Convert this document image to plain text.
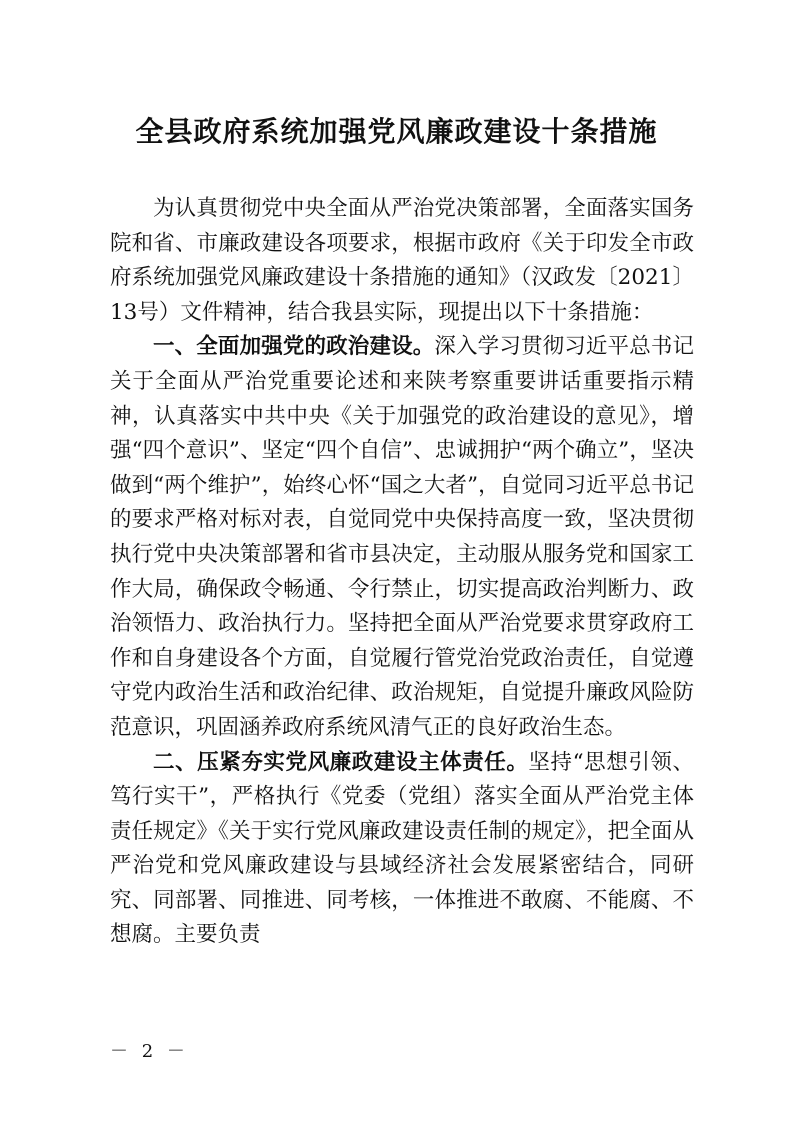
全县政府系统加强党风廉政建设十条措施

为认真贯彻党中央全面从严治党决策部署，全面落实国务院和省、市廉政建设各项要求，根据市政府《关于印发全市政府系统加强党风廉政建设十条措施的通知》（汉政发〔2021〕13号）文件精神，结合我县实际，现提出以下十条措施：

一、全面加强党的政治建设。深入学习贯彻习近平总书记关于全面从严治党重要论述和来陕考察重要讲话重要指示精神，认真落实中共中央《关于加强党的政治建设的意见》，增强“四个意识”、坚定“四个自信”、忠诚拥护“两个确立”，坚决做到“两个维护”，始终心怀“国之大者”，自觉同习近平总书记的要求严格对标对表，自觉同党中央保持高度一致，坚决贯彻执行党中央决策部署和省市县决定，主动服从服务党和国家工作大局，确保政令畅通、令行禁止，切实提高政治判断力、政治领悟力、政治执行力。坚持把全面从严治党要求贯穿政府工作和自身建设各个方面，自觉履行管党治党政治责任，自觉遵守党内政治生活和政治纪律、政治规矩，自觉提升廉政风险防范意识，巩固涵养政府系统风清气正的良好政治生态。

二、压紧夯实党风廉政建设主体责任。坚持“思想引领、笃行实干”，严格执行《党委（党组）落实全面从严治党主体责任规定》《关于实行党风廉政建设责任制的规定》，把全面从严治党和党风廉政建设与县域经济社会发展紧密结合，同研究、同部署、同推进、同考核，一体推进不敢腐、不能腐、不想腐。主要负责

－ 2 －
